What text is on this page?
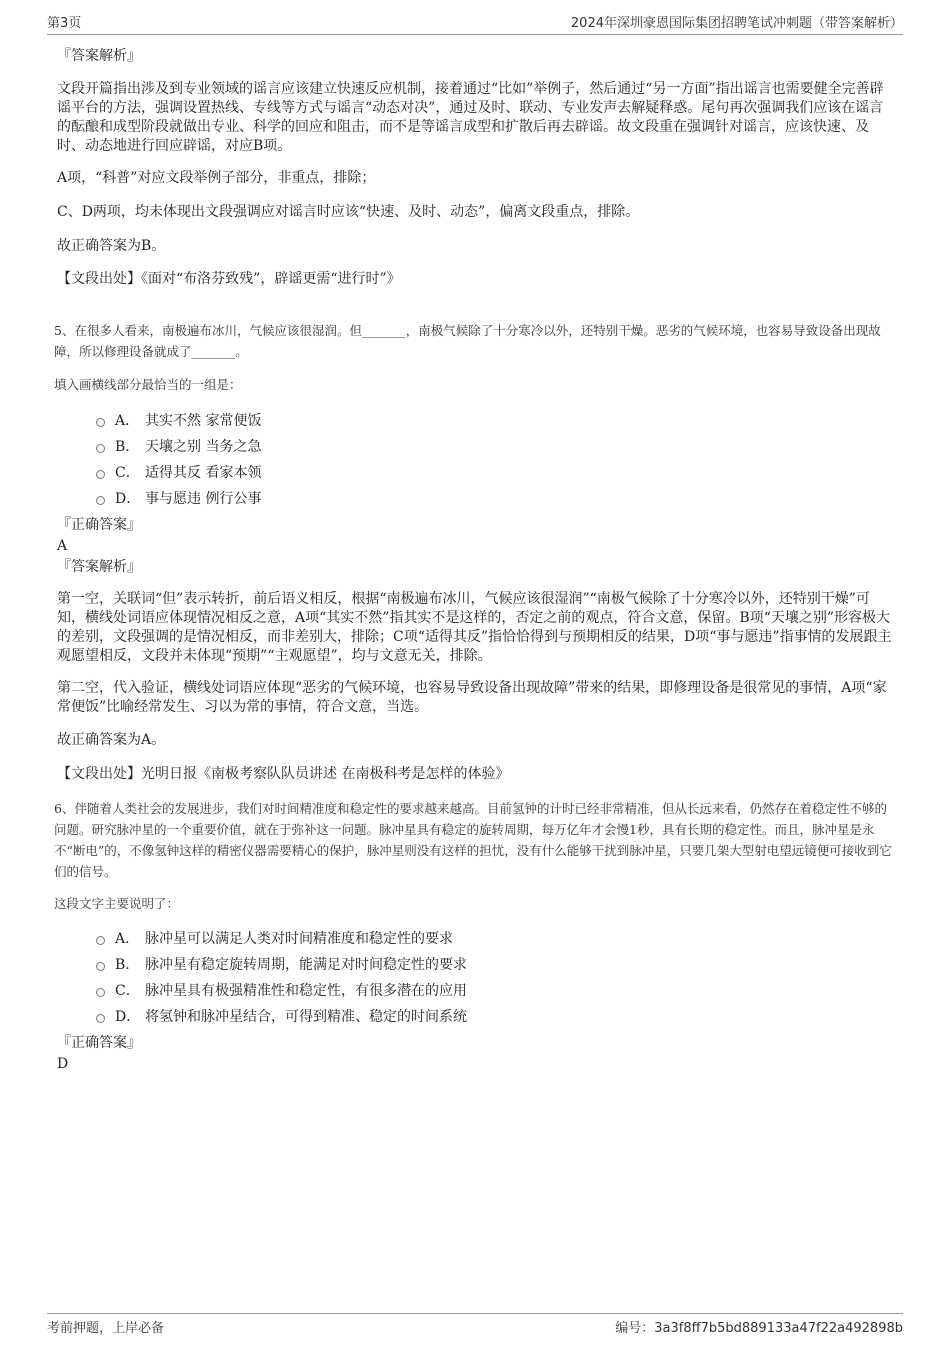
第3页	2024年深圳豪恩国际集团招聘笔试冲刺题（带答案解析）
『答案解析』
文段开篇指出涉及到专业领域的谣言应该建立快速反应机制，接着通过“比如”举例子，然后通过“另一方面”指出谣言也需要健全完善辟谣平台的方法，强调设置热线、专线等方式与谣言“动态对决”，通过及时、联动、专业发声去解疑释惑。尾句再次强调我们应该在谣言的酝酿和成型阶段就做出专业、科学的回应和阻击，而不是等谣言成型和扩散后再去辟谣。故文段重在强调针对谣言，应该快速、及时、动态地进行回应辟谣，对应B项。
A项，“科普”对应文段举例子部分，非重点，排除；
C、D两项，均未体现出文段强调应对谣言时应该“快速、及时、动态”，偏离文段重点，排除。
故正确答案为B。
【文段出处】《面对“布洛芬致残”，辟谣更需“进行时”》
5、在很多人看来，南极遍布冰川，气候应该很湿润。但_______，南极气候除了十分寒冷以外，还特别干燥。恶劣的气候环境，也容易导致设备出现故障，所以修理设备就成了_______。
填入画横线部分最恰当的一组是：
A． 其实不然 家常便饭
B． 天壤之别 当务之急
C． 适得其反 看家本领
D． 事与愿违 例行公事
『正确答案』
A
『答案解析』
第一空，关联词“但”表示转折，前后语义相反，根据“南极遍布冰川，气候应该很湿润”“南极气候除了十分寒冷以外，还特别干燥”可知，横线处词语应体现情况相反之意，A项“其实不然”指其实不是这样的，否定之前的观点，符合文意，保留。B项“天壤之别”形容极大的差别，文段强调的是情况相反，而非差别大，排除；C项“适得其反”指恰恰得到与预期相反的结果，D项“事与愿违”指事情的发展跟主观愿望相反，文段并未体现“预期”“主观愿望”，均与文意无关，排除。
第二空，代入验证，横线处词语应体现“恶劣的气候环境，也容易导致设备出现故障”带来的结果，即修理设备是很常见的事情，A项“家常便饭”比喻经常发生、习以为常的事情，符合文意，当选。
故正确答案为A。
【文段出处】光明日报《南极考察队队员讲述 在南极科考是怎样的体验》
6、伴随着人类社会的发展进步，我们对时间精准度和稳定性的要求越来越高。目前氢钟的计时已经非常精准，但从长远来看，仍然存在着稳定性不够的问题。研究脉冲星的一个重要价值，就在于弥补这一问题。脉冲星具有稳定的旋转周期，每万亿年才会慢1秒，具有长期的稳定性。而且，脉冲星是永不“断电”的，不像氢钟这样的精密仪器需要精心的保护，脉冲星则没有这样的担忧，没有什么能够干扰到脉冲星，只要几架大型射电望远镜便可接收到它们的信号。
这段文字主要说明了：
A． 脉冲星可以满足人类对时间精准度和稳定性的要求
B． 脉冲星有稳定旋转周期，能满足对时间稳定性的要求
C． 脉冲星具有极强精准性和稳定性，有很多潜在的应用
D． 将氢钟和脉冲星结合，可得到精准、稳定的时间系统
『正确答案』
D
考前押题，上岸必备	编号：3a3f8ff7b5bd889133a47f22a492898b
